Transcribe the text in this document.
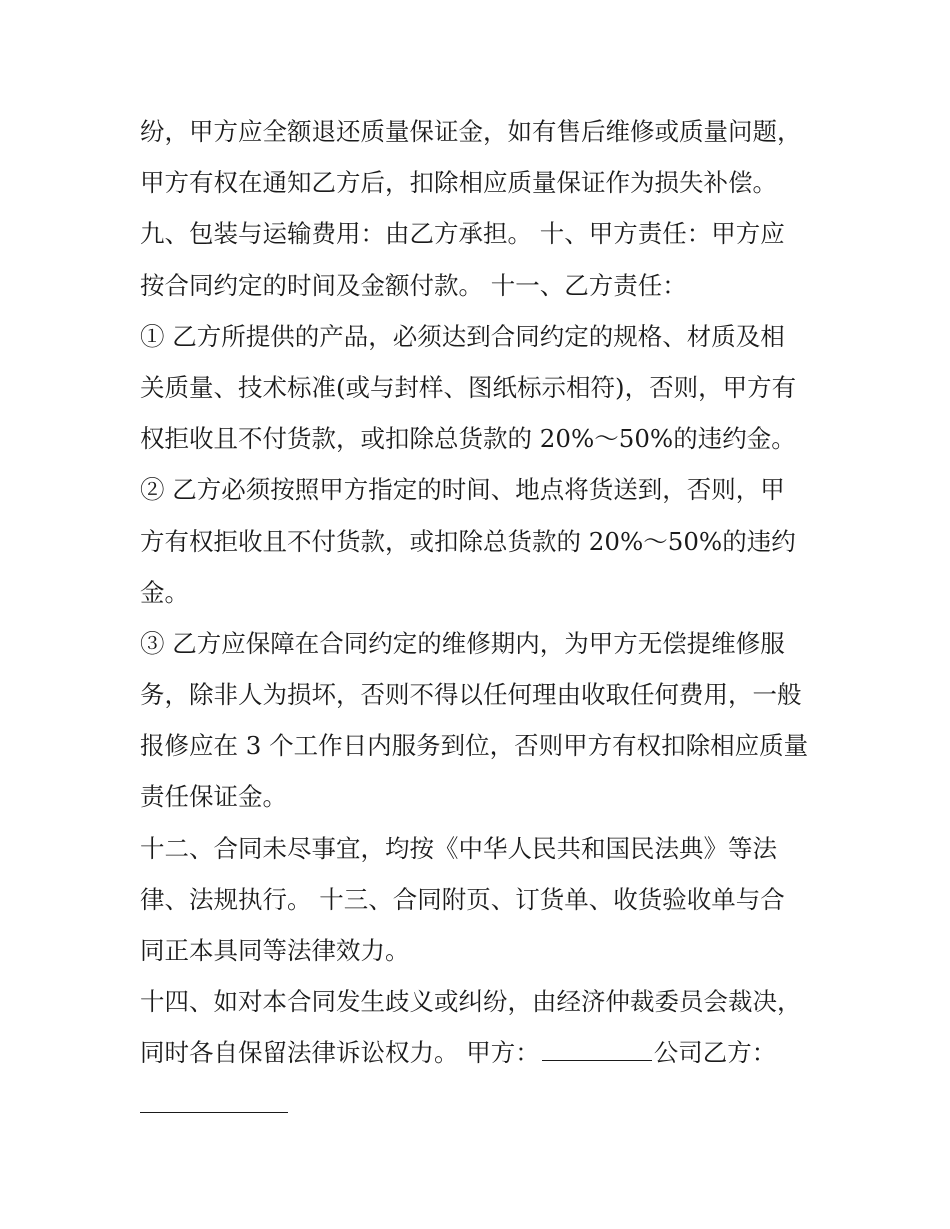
纷，甲方应全额退还质量保证金，如有售后维修或质量问题，
甲方有权在通知乙方后，扣除相应质量保证作为损失补偿。
九、包装与运输费用：由乙方承担。 十、甲方责任：甲方应
按合同约定的时间及金额付款。 十一、乙方责任：
① 乙方所提供的产品，必须达到合同约定的规格、材质及相
关质量、技术标准(或与封样、图纸标示相符)，否则，甲方有
权拒收且不付货款，或扣除总货款的 20%～50%的违约金。
② 乙方必须按照甲方指定的时间、地点将货送到，否则，甲
方有权拒收且不付货款，或扣除总货款的 20%～50%的违约
金。
③ 乙方应保障在合同约定的维修期内，为甲方无偿提维修服
务，除非人为损坏，否则不得以任何理由收取任何费用，一般
报修应在 3 个工作日内服务到位，否则甲方有权扣除相应质量
责任保证金。
十二、合同未尽事宜，均按《中华人民共和国民法典》等法
律、法规执行。 十三、合同附页、订货单、收货验收单与合
同正本具同等法律效力。
十四、如对本合同发生歧义或纠纷，由经济仲裁委员会裁决，
同时各自保留法律诉讼权力。 甲方：	公司乙方：
